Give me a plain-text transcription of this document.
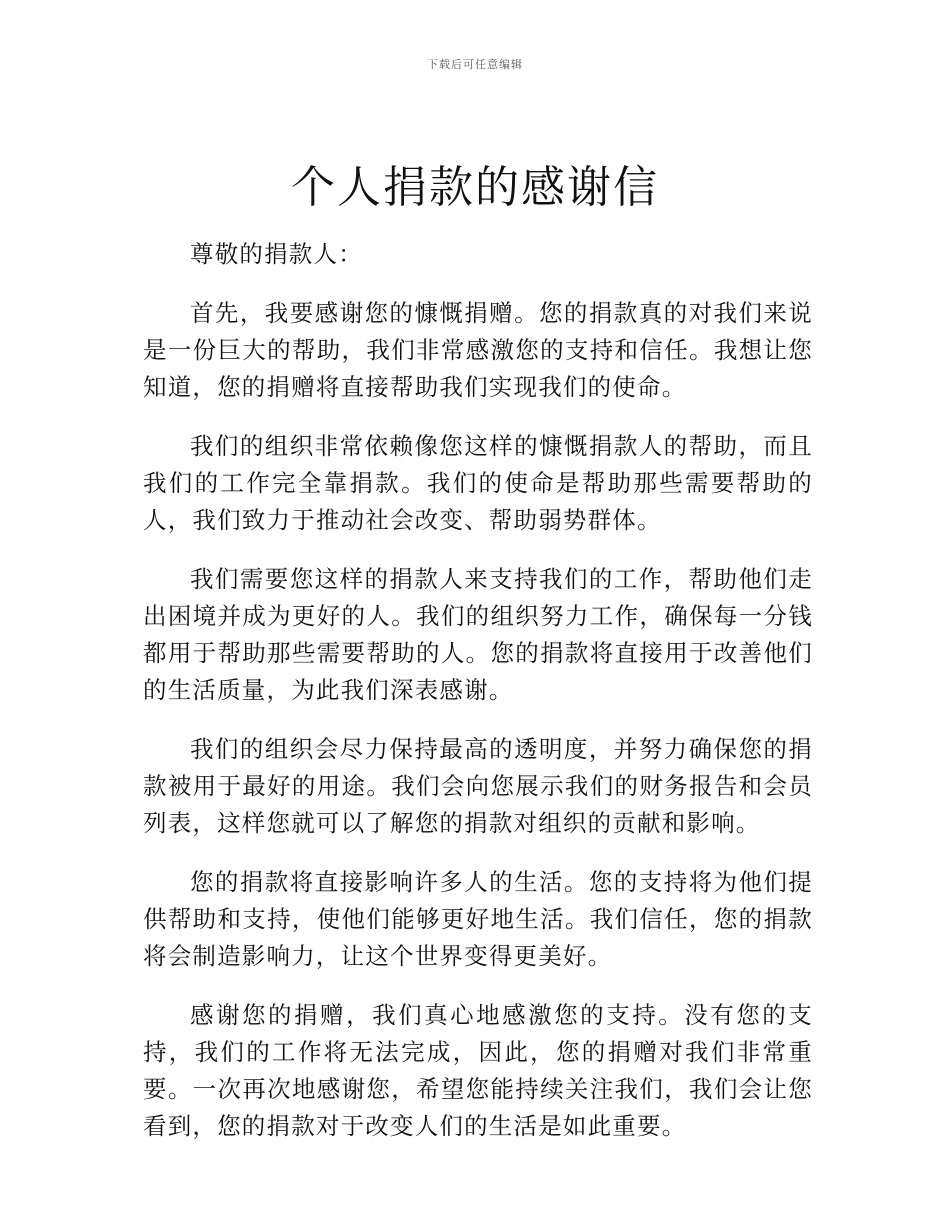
下载后可任意编辑
个人捐款的感谢信

尊敬的捐款人：

首先，我要感谢您的慷慨捐赠。您的捐款真的对我们来说是一份巨大的帮助，我们非常感激您的支持和信任。我想让您知道，您的捐赠将直接帮助我们实现我们的使命。

我们的组织非常依赖像您这样的慷慨捐款人的帮助，而且我们的工作完全靠捐款。我们的使命是帮助那些需要帮助的人，我们致力于推动社会改变、帮助弱势群体。

我们需要您这样的捐款人来支持我们的工作，帮助他们走出困境并成为更好的人。我们的组织努力工作，确保每一分钱都用于帮助那些需要帮助的人。您的捐款将直接用于改善他们的生活质量，为此我们深表感谢。

我们的组织会尽力保持最高的透明度，并努力确保您的捐款被用于最好的用途。我们会向您展示我们的财务报告和会员列表，这样您就可以了解您的捐款对组织的贡献和影响。

您的捐款将直接影响许多人的生活。您的支持将为他们提供帮助和支持，使他们能够更好地生活。我们信任，您的捐款将会制造影响力，让这个世界变得更美好。

感谢您的捐赠，我们真心地感激您的支持。没有您的支持，我们的工作将无法完成，因此，您的捐赠对我们非常重要。一次再次地感谢您，希望您能持续关注我们，我们会让您看到，您的捐款对于改变人们的生活是如此重要。
